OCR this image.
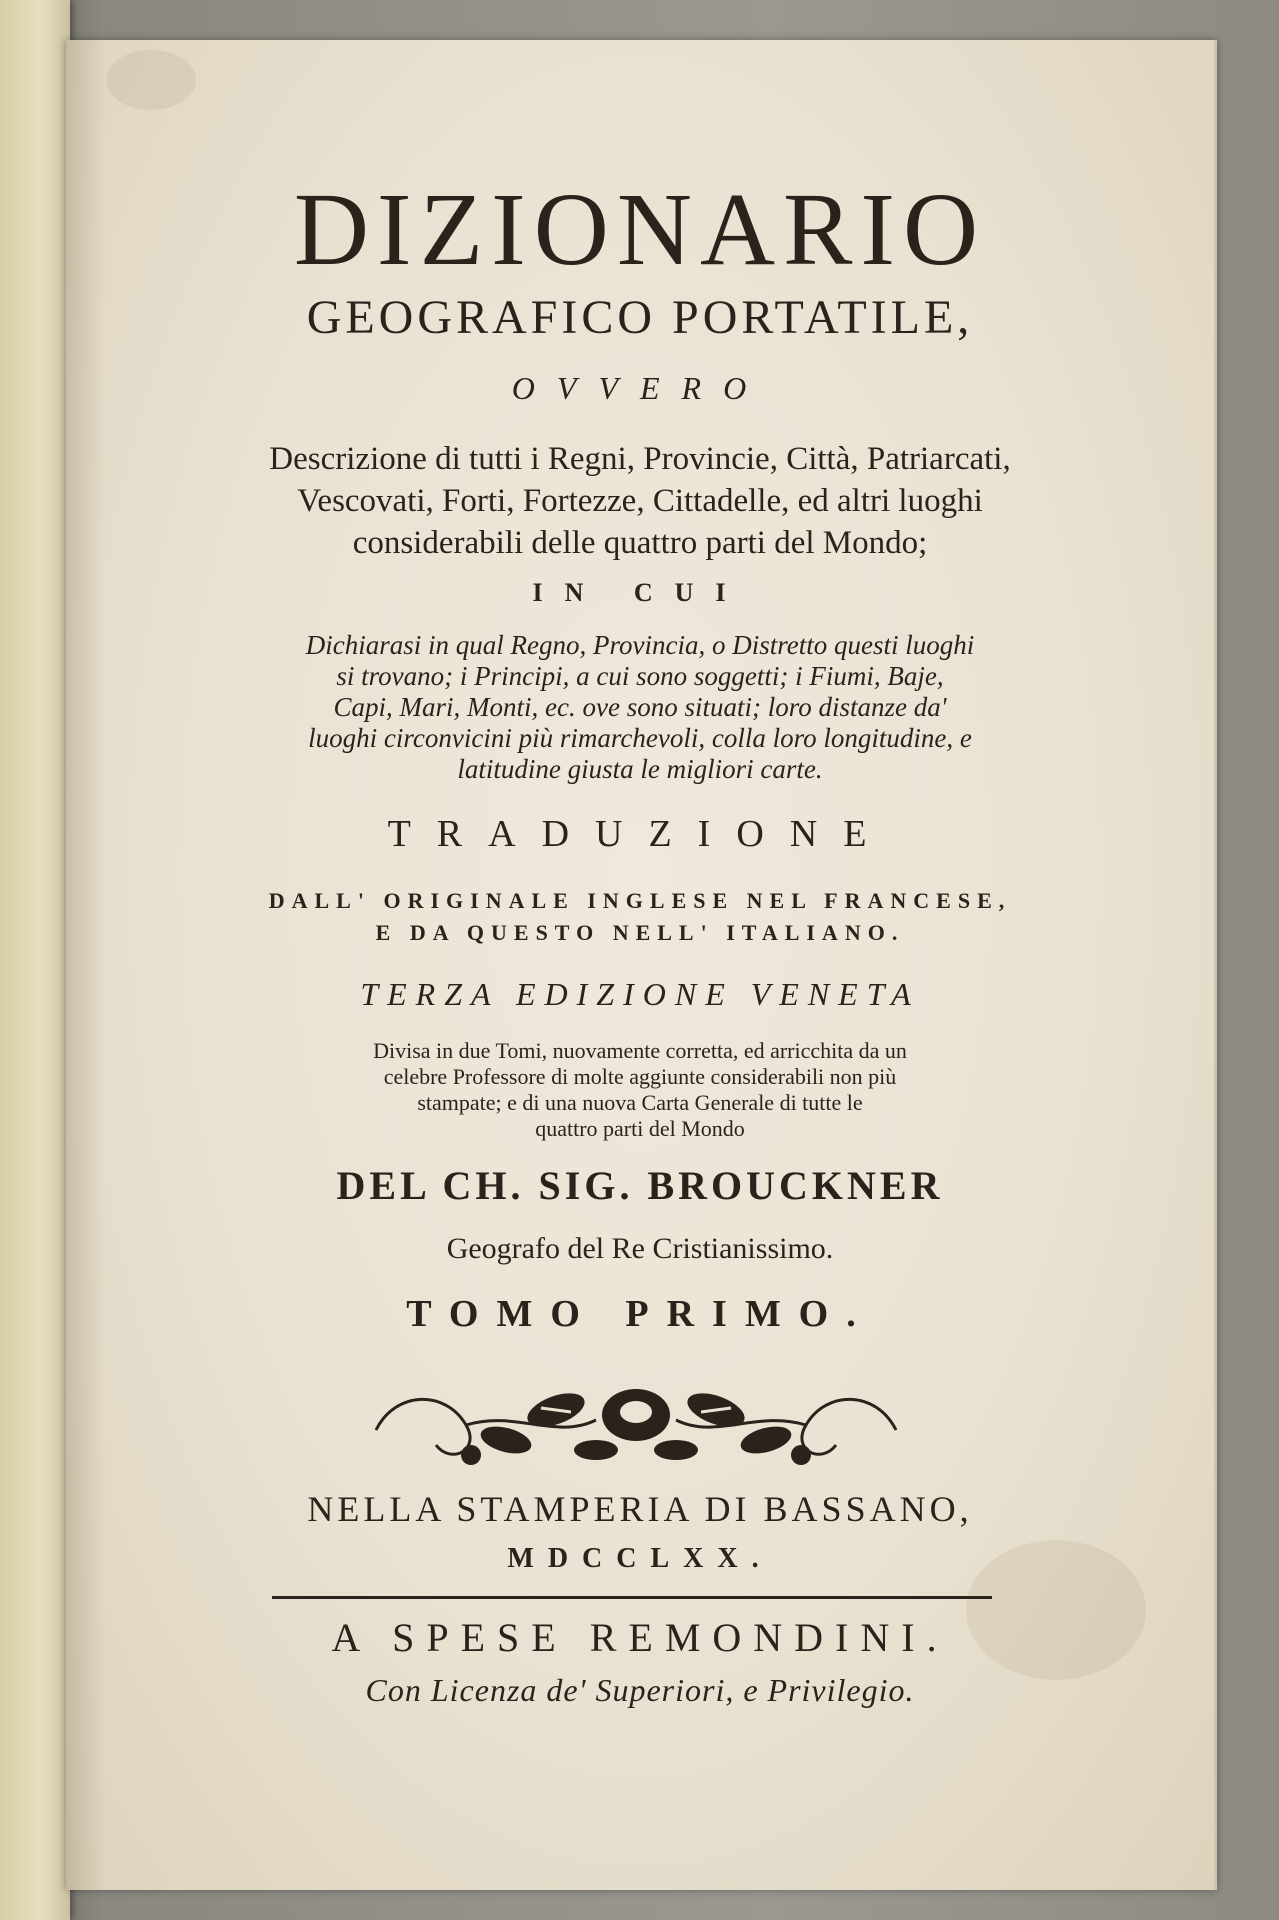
DIZIONARIO
GEOGRAFICO PORTATILE,
OVVERO
Descrizione di tutti i Regni, Provincie, Città, Patriarcati,
Vescovati, Forti, Fortezze, Cittadelle, ed altri luoghi
considerabili delle quattro parti del Mondo;
IN CUI
Dichiarasi in qual Regno, Provincia, o Distretto questi luoghi
si trovano; i Principi, a cui sono soggetti; i Fiumi, Baje,
Capi, Mari, Monti, ec. ove sono situati; loro distanze da'
luoghi circonvicini più rimarchevoli, colla loro longitudine, e
latitudine giusta le migliori carte.
TRADUZIONE
DALL' ORIGINALE INGLESE NEL FRANCESE,
E DA QUESTO NELL' ITALIANO.
TERZA EDIZIONE VENETA
Divisa in due Tomi, nuovamente corretta, ed arricchita da un
celebre Professore di molte aggiunte considerabili non più
stampate; e di una nuova Carta Generale di tutte le
quattro parti del Mondo
DEL CH. SIG. BROUCKNER
Geografo del Re Cristianissimo.
TOMO PRIMO.
NELLA STAMPERIA DI BASSANO,
MDCCLXX.
A SPESE REMONDINI.
Con Licenza de' Superiori, e Privilegio.
